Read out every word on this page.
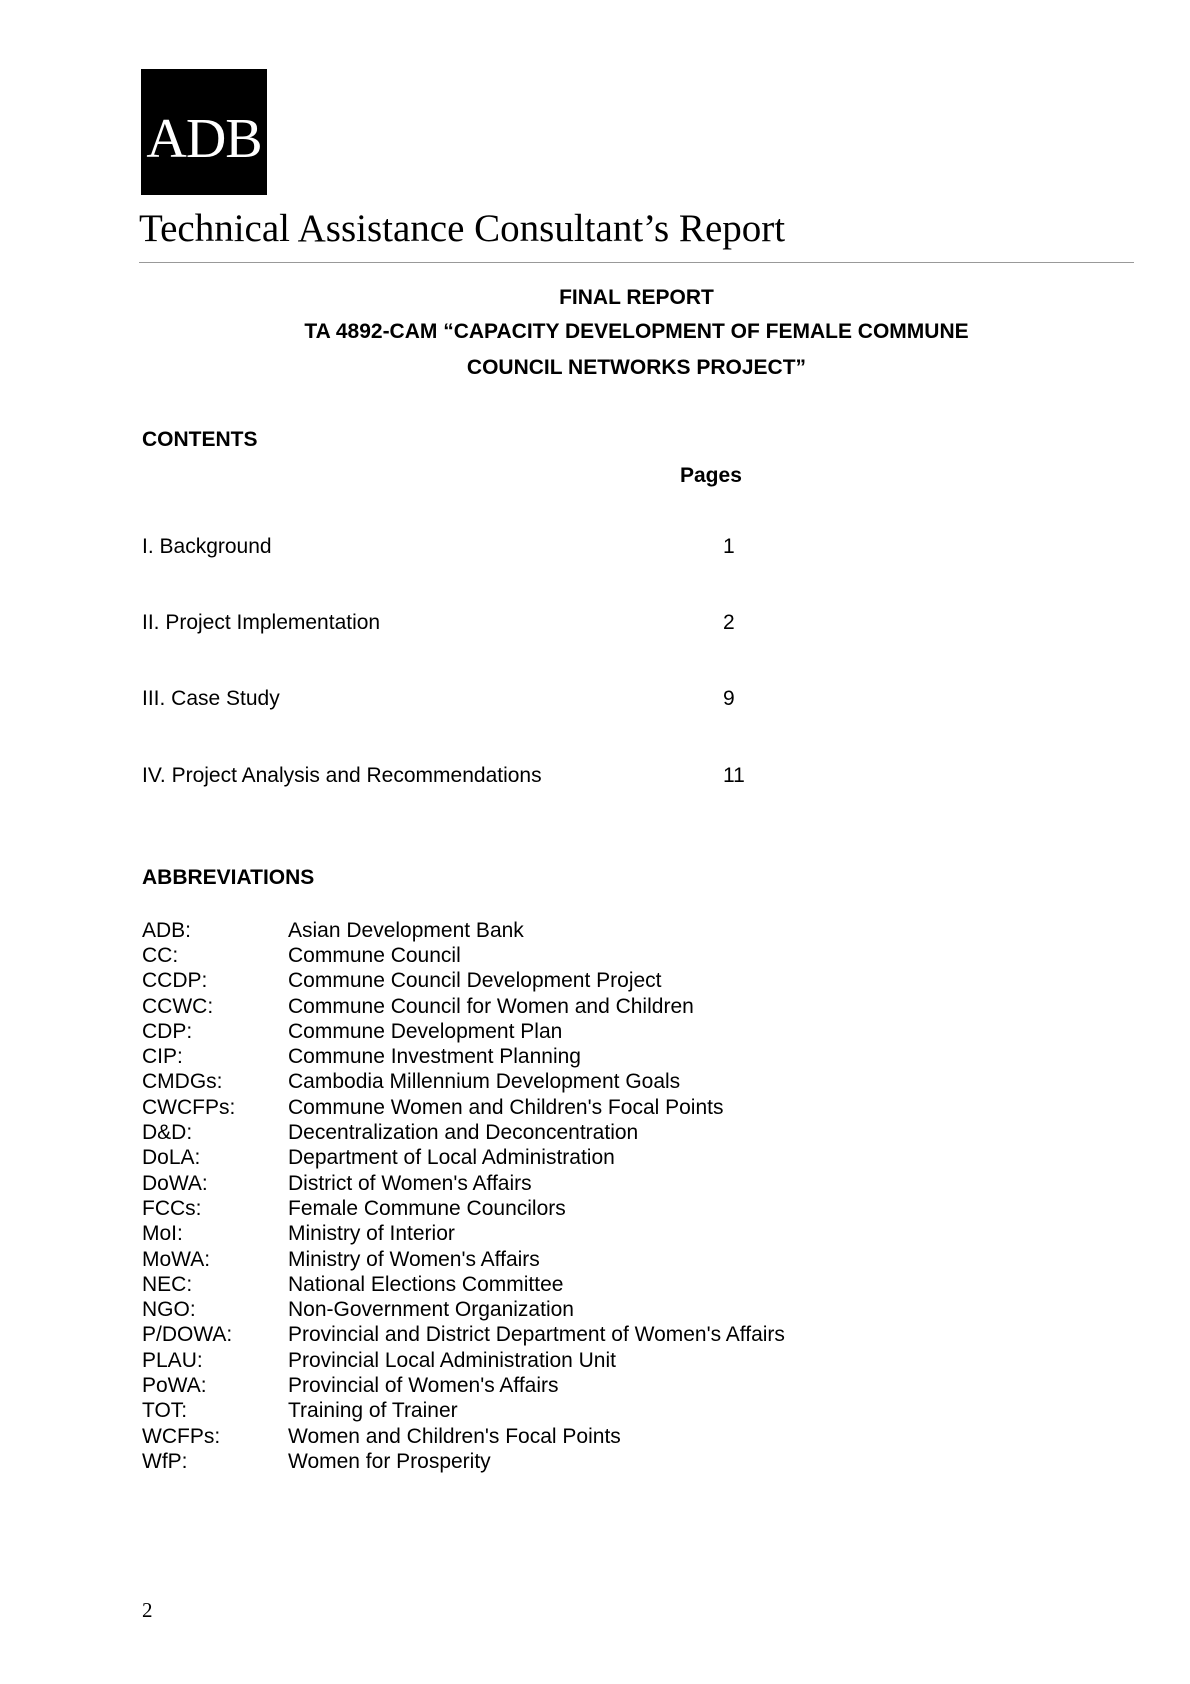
ADB
Technical Assistance Consultant’s Report
FINAL REPORT
TA 4892-CAM “CAPACITY DEVELOPMENT OF FEMALE COMMUNE
COUNCIL NETWORKS PROJECT”
CONTENTS
Pages
I. Background	1
II. Project Implementation	2
III. Case Study	9
IV. Project Analysis and Recommendations	11
ABBREVIATIONS
ADB:	Asian Development Bank
CC:	Commune Council
CCDP:	Commune Council Development Project
CCWC:	Commune Council for Women and Children
CDP:	Commune Development Plan
CIP:	Commune Investment Planning
CMDGs:	Cambodia Millennium Development Goals
CWCFPs:	Commune Women and Children's Focal Points
D&D:	Decentralization and Deconcentration
DoLA:	Department of Local Administration
DoWA:	District of Women's Affairs
FCCs:	Female Commune Councilors
MoI:	Ministry of Interior
MoWA:	Ministry of Women's Affairs
NEC:	National Elections Committee
NGO:	Non-Government Organization
P/DOWA:	Provincial and District Department of Women's Affairs
PLAU:	Provincial Local Administration Unit
PoWA:	Provincial of Women's Affairs
TOT:	Training of Trainer
WCFPs:	Women and Children's Focal Points
WfP:	Women for Prosperity
2
